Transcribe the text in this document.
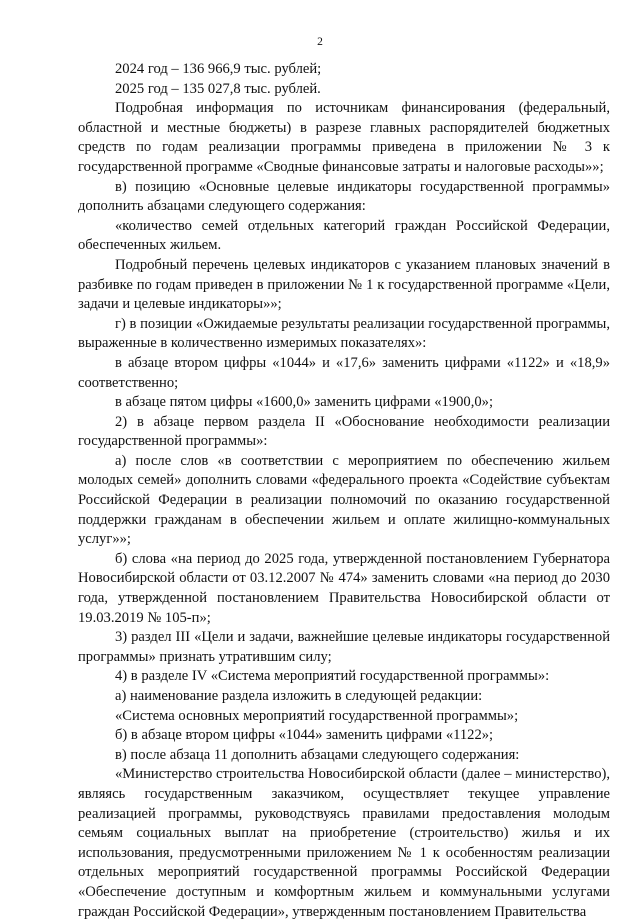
2

2024 год – 136 966,9 тыс. рублей;

2025 год – 135 027,8 тыс. рублей.

Подробная информация по источникам финансирования (федеральный, областной и местные бюджеты) в разрезе главных распорядителей бюджетных средств по годам реализации программы приведена в приложении № 3 к государственной программе «Сводные финансовые затраты и налоговые расходы»»;

в) позицию «Основные целевые индикаторы государственной программы» дополнить абзацами следующего содержания:

«количество семей отдельных категорий граждан Российской Федерации, обеспеченных жильем.

Подробный перечень целевых индикаторов с указанием плановых значений в разбивке по годам приведен в приложении № 1 к государственной программе «Цели, задачи и целевые индикаторы»»;

г) в позиции «Ожидаемые результаты реализации государственной программы, выраженные в количественно измеримых показателях»:

в абзаце втором цифры «1044» и «17,6» заменить цифрами «1122» и «18,9» соответственно;

в абзаце пятом цифры «1600,0» заменить цифрами «1900,0»;

2) в абзаце первом раздела II «Обоснование необходимости реализации государственной программы»:

а) после слов «в соответствии с мероприятием по обеспечению жильем молодых семей» дополнить словами «федерального проекта «Содействие субъектам Российской Федерации в реализации полномочий по оказанию государственной поддержки гражданам в обеспечении жильем и оплате жилищно-коммунальных услуг»»;

б) слова «на период до 2025 года, утвержденной постановлением Губернатора Новосибирской области от 03.12.2007 № 474» заменить словами «на период до 2030 года, утвержденной постановлением Правительства Новосибирской области от 19.03.2019 № 105-п»;

3) раздел III «Цели и задачи, важнейшие целевые индикаторы государственной программы» признать утратившим силу;

4) в разделе IV «Система мероприятий государственной программы»:

а) наименование раздела изложить в следующей редакции:

«Система основных мероприятий государственной программы»;

б) в абзаце втором цифры «1044» заменить цифрами «1122»;

в) после абзаца 11 дополнить абзацами следующего содержания:

«Министерство строительства Новосибирской области (далее – министерство), являясь государственным заказчиком, осуществляет текущее управление реализацией программы, руководствуясь правилами предоставления молодым семьям социальных выплат на приобретение (строительство) жилья и их использования, предусмотренными приложением № 1 к особенностям реализации отдельных мероприятий государственной программы Российской Федерации «Обеспечение доступным и комфортным жильем и коммунальными услугами граждан Российской Федерации», утвержденным постановлением Правительства
